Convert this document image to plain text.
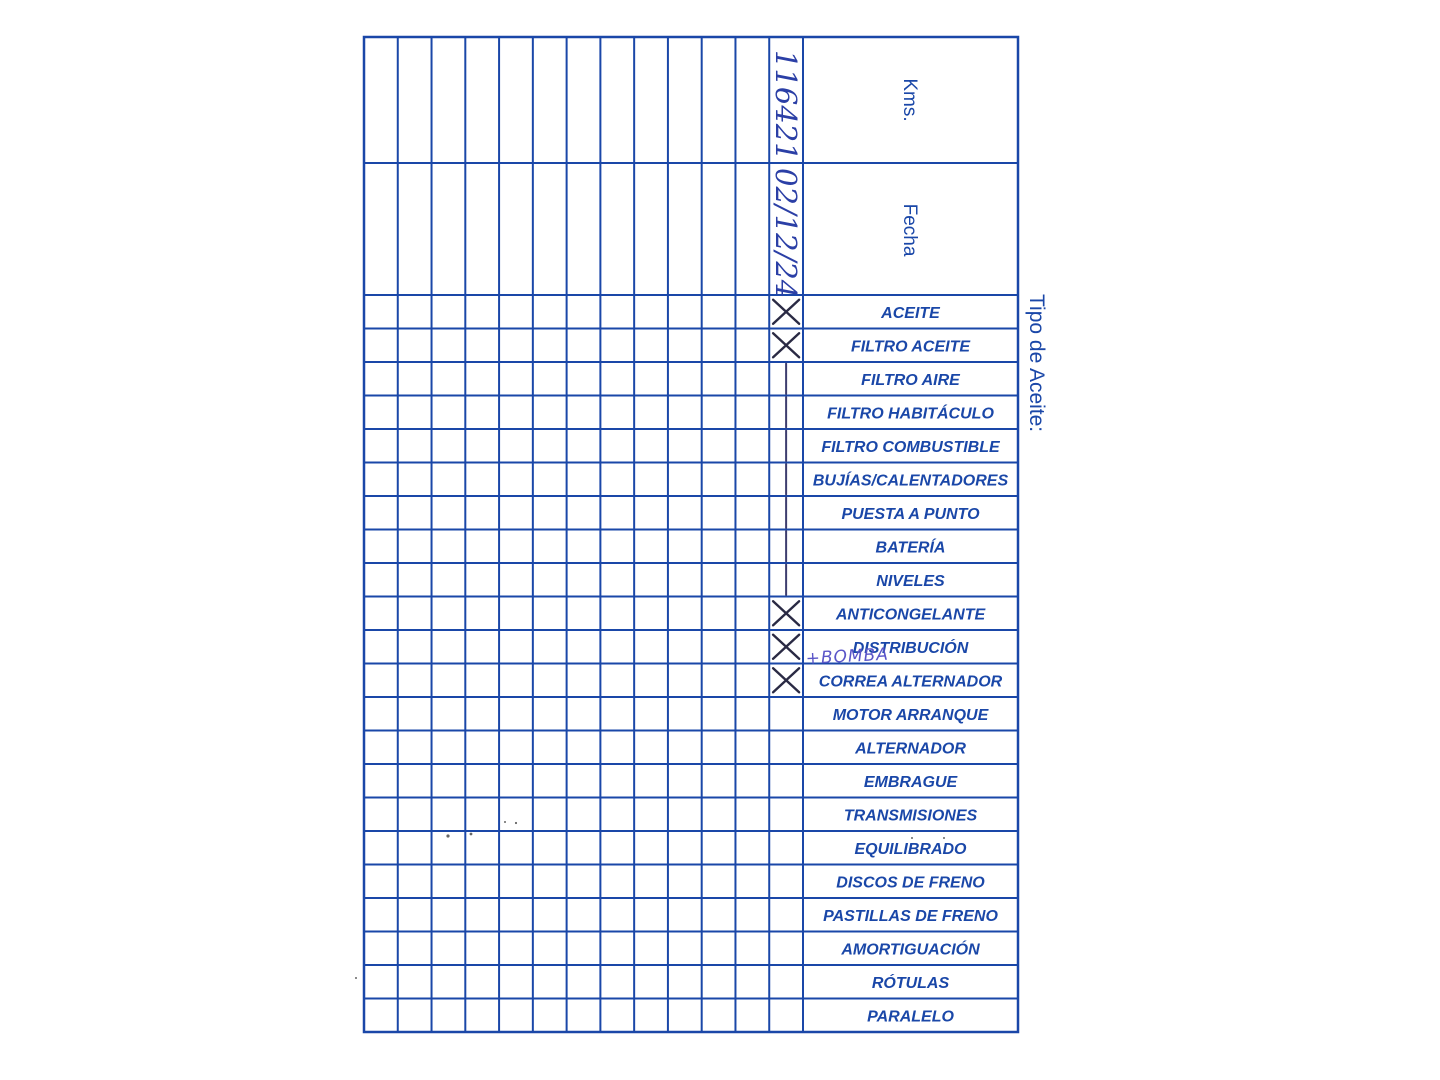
Kms.
Fecha
Tipo de Aceite:
ACEITE
FILTRO ACEITE
FILTRO AIRE
FILTRO HABITÁCULO
FILTRO COMBUSTIBLE
BUJÍAS/CALENTADORES
PUESTA A PUNTO
BATERÍA
NIVELES
ANTICONGELANTE
DISTRIBUCIÓN
CORREA ALTERNADOR
MOTOR ARRANQUE
ALTERNADOR
EMBRAGUE
TRANSMISIONES
EQUILIBRADO
DISCOS DE FRENO
PASTILLAS DE FRENO
AMORTIGUACIÓN
RÓTULAS
PARALELO
116421
02/12/24
+BOMBA
